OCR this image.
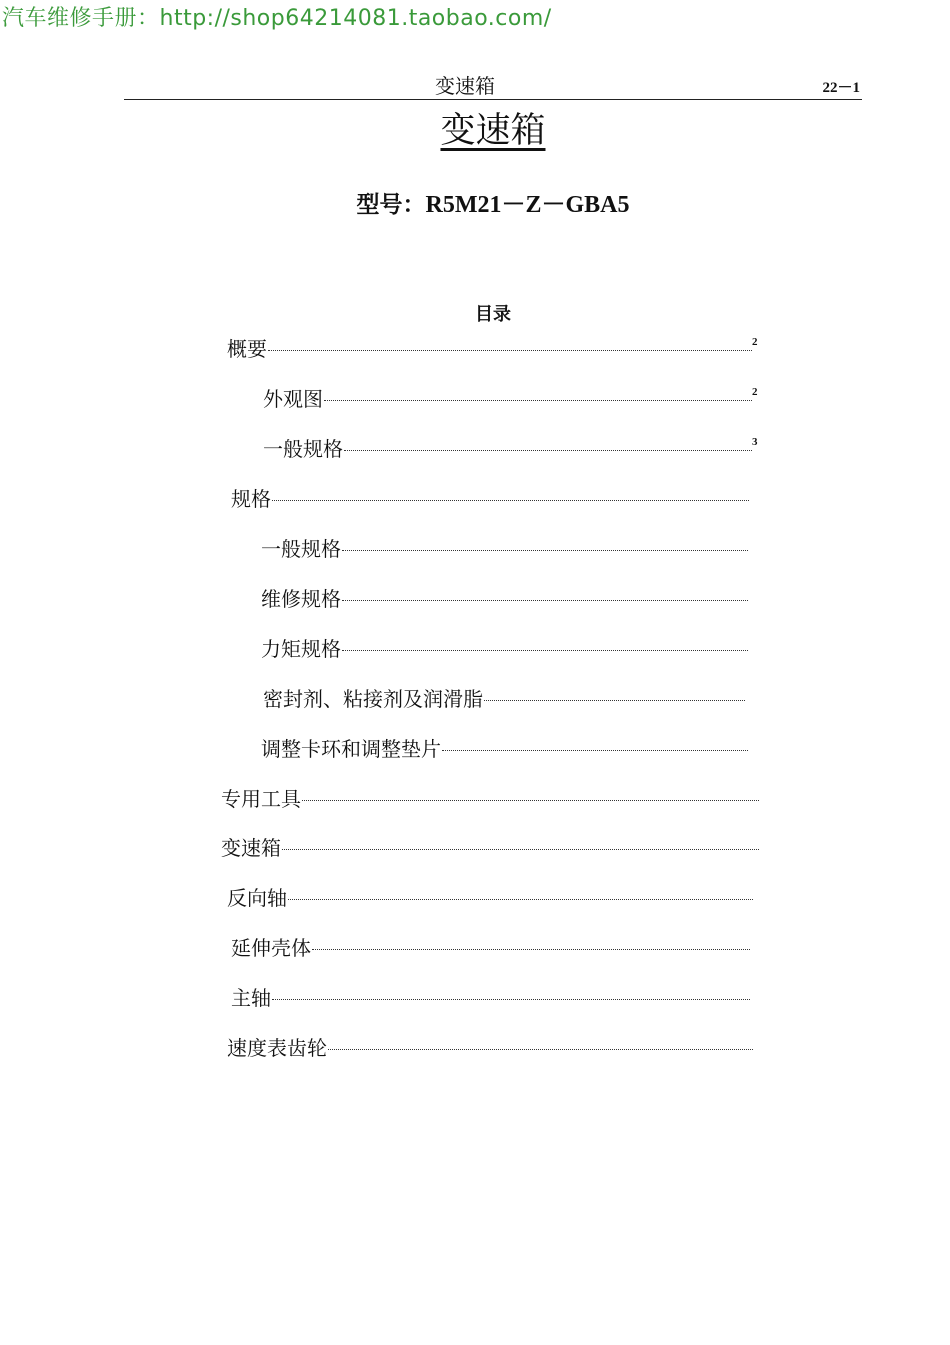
汽车维修手册：http://shop64214081.taobao.com/
变速箱	22－1
变速箱
型号：R5M21－Z－GBA5
目录
概要	2
外观图	2
一般规格	3
规格
一般规格
维修规格
力矩规格
密封剂、粘接剂及润滑脂
调整卡环和调整垫片
专用工具
变速箱
反向轴
延伸壳体
主轴
速度表齿轮
